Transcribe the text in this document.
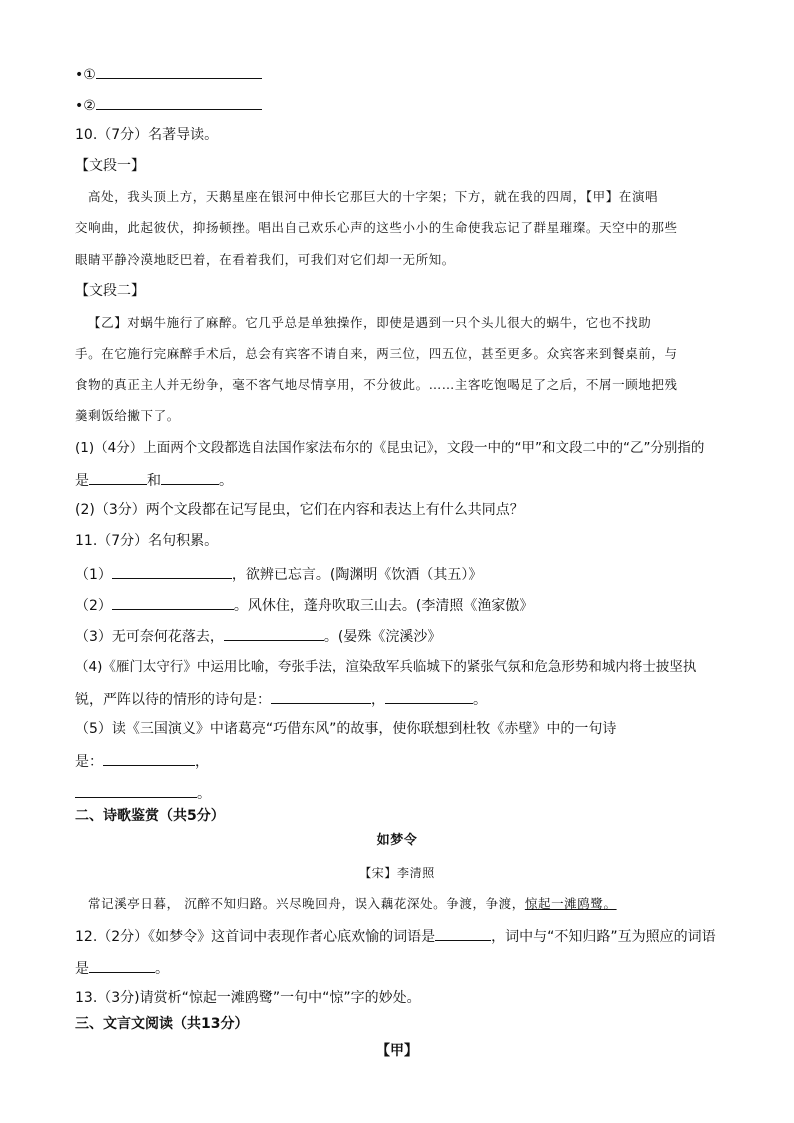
•①
•②
10.（7分）名著导读。
【文段一】
高处，我头顶上方，天鹅星座在银河中伸长它那巨大的十字架；下方，就在我的四周，【甲】在演唱
交响曲，此起彼伏，抑扬顿挫。唱出自己欢乐心声的这些小小的生命使我忘记了群星璀璨。天空中的那些
眼睛平静冷漠地眨巴着，在看着我们，可我们对它们却一无所知。
【文段二】
【乙】对蜗牛施行了麻醉。它几乎总是单独操作，即使是遇到一只个头儿很大的蜗牛，它也不找助
手。在它施行完麻醉手术后，总会有宾客不请自来，两三位，四五位，甚至更多。众宾客来到餐桌前，与
食物的真正主人并无纷争，毫不客气地尽情享用，不分彼此。……主客吃饱喝足了之后，不屑一顾地把残
羹剩饭给撇下了。
(1)（4分）上面两个文段都选自法国作家法布尔的《昆虫记》，文段一中的“甲”和文段二中的“乙”分别指的
是	和	。
(2)（3分）两个文段都在记写昆虫，它们在内容和表达上有什么共同点？
11.（7分）名句积累。
（1）	，欲辨已忘言。(陶渊明《饮酒（其五）》
（2）	。风休住，蓬舟吹取三山去。(李清照《渔家傲》
（3）无可奈何花落去，	。(晏殊《浣溪沙》
（4)《雁门太守行》中运用比喻，夸张手法，渲染敌军兵临城下的紧张气氛和危急形势和城内将士披坚执
锐，严阵以待的情形的诗句是：	，	。
（5）读《三国演义》中诸葛亮“巧借东风”的故事，使你联想到杜牧《赤壁》中的一句诗
是：	，
。
二、诗歌鉴赏（共5分）
如梦令
【宋】李清照
常记溪亭日暮， 沉醉不知归路。兴尽晚回舟，误入藕花深处。争渡，争渡，惊起一滩鸥鹭。
12.（2分）《如梦令》这首词中表现作者心底欢愉的词语是	，词中与“不知归路”互为照应的词语
是	。
13.（3分)请赏析“惊起一滩鸥鹭”一句中“惊”字的妙处。
三、文言文阅读（共13分）
【甲】
